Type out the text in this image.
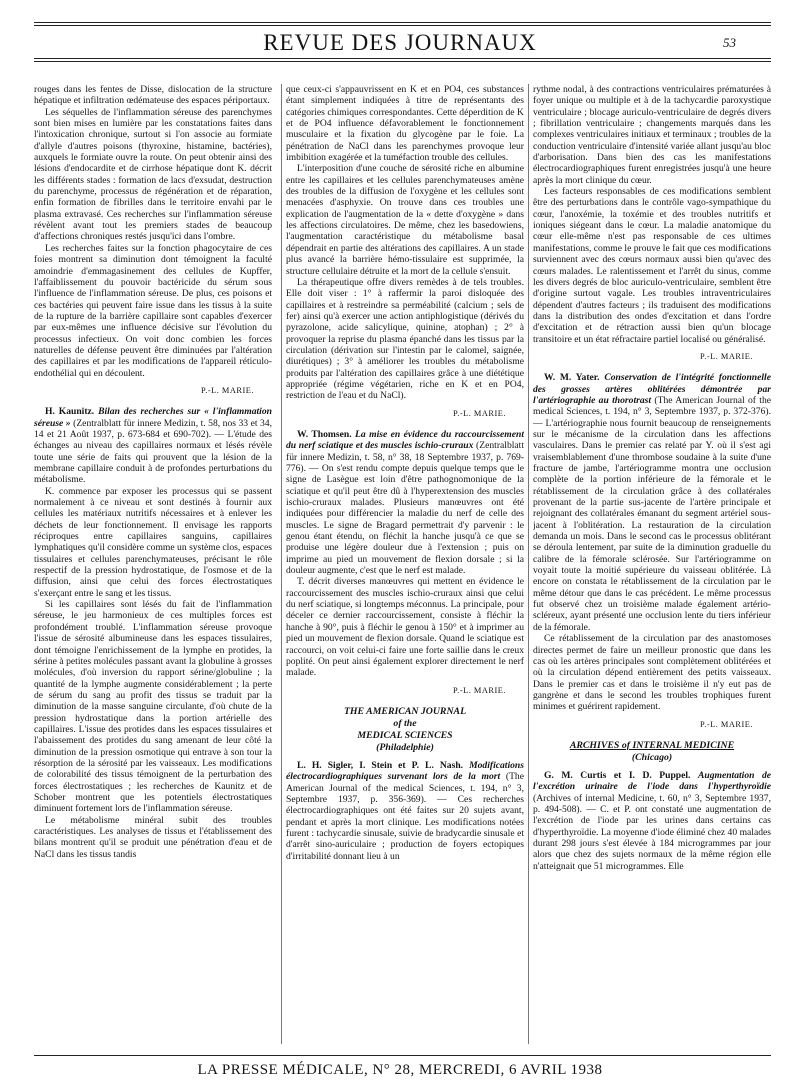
REVUE DES JOURNAUX	53

rouges dans les fentes de Disse, dislocation de la structure hépatique et infiltration œdémateuse des espaces périportaux.

Les séquelles de l'inflammation séreuse des parenchymes sont bien mises en lumière par les constatations faites dans l'intoxication chronique, surtout si l'on associe au formiate d'allyle d'autres poisons (thyroxine, histamine, bactéries), auxquels le formiate ouvre la route. On peut obtenir ainsi des lésions d'endocardite et de cirrhose hépatique dont K. décrit les différents stades : formation de lacs d'exsudat, destruction du parenchyme, processus de régénération et de réparation, enfin formation de fibrilles dans le territoire envahi par le plasma extravasé. Ces recherches sur l'inflammation séreuse révèlent avant tout les premiers stades de beaucoup d'affections chroniques restés jusqu'ici dans l'ombre.

Les recherches faites sur la fonction phagocytaire de ces foies montrent sa diminution dont témoignent la faculté amoindrie d'emmagasinement des cellules de Kupffer, l'affaiblissement du pouvoir bactéricide du sérum sous l'influence de l'inflammation séreuse. De plus, ces poisons et ces bactéries qui peuvent faire issue dans les tissus à la suite de la rupture de la barrière capillaire sont capables d'exercer par eux-mêmes une influence décisive sur l'évolution du processus infectieux. On voit donc combien les forces naturelles de défense peuvent être diminuées par l'altération des capillaires et par les modifications de l'appareil réticulo-endothélial qui en découlent.

P.-L. MARIE.

H. Kaunitz. Bilan des recherches sur « l'inflammation séreuse » (Zentralblatt für innere Medizin, t. 58, nos 33 et 34, 14 et 21 Août 1937, p. 673-684 et 690-702). — L'étude des échanges au niveau des capillaires normaux et lésés révèle toute une série de faits qui prouvent que la lésion de la membrane capillaire conduit à de profondes perturbations du métabolisme.

K. commence par exposer les processus qui se passent normalement à ce niveau et sont destinés à fournir aux cellules les matériaux nutritifs nécessaires et à enlever les déchets de leur fonctionnement. Il envisage les rapports réciproques entre capillaires sanguins, capillaires lymphatiques qu'il considère comme un système clos, espaces tissulaires et cellules parenchymateuses, précisant le rôle respectif de la pression hydrostatique, de l'osmose et de la diffusion, ainsi que celui des forces électrostatiques s'exerçant entre le sang et les tissus.

Si les capillaires sont lésés du fait de l'inflammation séreuse, le jeu harmonieux de ces multiples forces est profondément troublé. L'inflammation séreuse provoque l'issue de sérosité albumineuse dans les espaces tissulaires, dont témoigne l'enrichissement de la lymphe en protides, la sérine à petites molécules passant avant la globuline à grosses molécules, d'où inversion du rapport sérine/globuline ; la quantité de la lymphe augmente considérablement ; la perte de sérum du sang au profit des tissus se traduit par la diminution de la masse sanguine circulante, d'où chute de la pression hydrostatique dans la portion artérielle des capillaires. L'issue des protides dans les espaces tissulaires et l'abaissement des protides du sang amenant de leur côté la diminution de la pression osmotique qui entrave à son tour la résorption de la sérosité par les vaisseaux. Les modifications de colorabilité des tissus témoignent de la perturbation des forces électrostatiques ; les recherches de Kaunitz et de Schober montrent que les potentiels électrostatiques diminuent fortement lors de l'inflammation séreuse.

Le métabolisme minéral subit des troubles caractéristiques. Les analyses de tissus et l'établissement des bilans montrent qu'il se produit une pénétration d'eau et de NaCl dans les tissus tandis

que ceux-ci s'appauvrissent en K et en PO4, ces substances étant simplement indiquées à titre de représentants des catégories chimiques correspondantes. Cette déperdition de K et de PO4 influence défavorablement le fonctionnement musculaire et la fixation du glycogène par le foie. La pénétration de NaCl dans les parenchymes provoque leur imbibition exagérée et la tuméfaction trouble des cellules.

L'interposition d'une couche de sérosité riche en albumine entre les capillaires et les cellules parenchymateuses amène des troubles de la diffusion de l'oxygène et les cellules sont menacées d'asphyxie. On trouve dans ces troubles une explication de l'augmentation de la « dette d'oxygène » dans les affections circulatoires. De même, chez les basedowiens, l'augmentation caractéristique du métabolisme basal dépendrait en partie des altérations des capillaires. A un stade plus avancé la barrière hémo-tissulaire est supprimée, la structure cellulaire détruite et la mort de la cellule s'ensuit.

La thérapeutique offre divers remèdes à de tels troubles. Elle doit viser : 1° à raffermir la paroi disloquée des capillaires et à restreindre sa perméabilité (calcium ; sels de fer) ainsi qu'à exercer une action antiphlogistique (dérivés du pyrazolone, acide salicylique, quinine, atophan) ; 2° à provoquer la reprise du plasma épanché dans les tissus par la circulation (dérivation sur l'intestin par le calomel, saignée, diurétiques) ; 3° à améliorer les troubles du métabolisme produits par l'altération des capillaires grâce à une diététique appropriée (régime végétarien, riche en K et en PO4, restriction de l'eau et du NaCl).

P.-L. MARIE.

W. Thomsen. La mise en évidence du raccourcissement du nerf sciatique et des muscles ischio-cruraux (Zentralblatt für innere Medizin, t. 58, n° 38, 18 Septembre 1937, p. 769-776). — On s'est rendu compte depuis quelque temps que le signe de Lasègue est loin d'être pathognomonique de la sciatique et qu'il peut être dû à l'hyperextension des muscles ischio-cruraux malades. Plusieurs manœuvres ont été indiquées pour différencier la maladie du nerf de celle des muscles. Le signe de Bragard permettrait d'y parvenir : le genou étant étendu, on fléchit la hanche jusqu'à ce que se produise une légère douleur due à l'extension ; puis on imprime au pied un mouvement de flexion dorsale ; si la douleur augmente, c'est que le nerf est malade.

T. décrit diverses manœuvres qui mettent en évidence le raccourcissement des muscles ischio-cruraux ainsi que celui du nerf sciatique, si longtemps méconnus. La principale, pour déceler ce dernier raccourcissement, consiste à fléchir la hanche à 90°, puis à fléchir le genou à 150° et à imprimer au pied un mouvement de flexion dorsale. Quand le sciatique est raccourci, on voit celui-ci faire une forte saillie dans le creux poplité. On peut ainsi également explorer directement le nerf malade.

P.-L. MARIE.

THE AMERICAN JOURNAL
of the
MEDICAL SCIENCES
(Philadelphie)

L. H. Sigler, I. Stein et P. L. Nash. Modifications électrocardiographiques survenant lors de la mort (The American Journal of the medical Sciences, t. 194, n° 3, Septembre 1937, p. 356-369). — Ces recherches électrocardiographiques ont été faites sur 20 sujets avant, pendant et après la mort clinique. Les modifications notées furent : tachycardie sinusale, suivie de bradycardie sinusale et d'arrêt sino-auriculaire ; production de foyers ectopiques d'irritabilité donnant lieu à un

rythme nodal, à des contractions ventriculaires prématurées à foyer unique ou multiple et à de la tachycardie paroxystique ventriculaire ; blocage auriculo-ventriculaire de degrés divers ; fibrillation ventriculaire ; changements marqués dans les complexes ventriculaires initiaux et terminaux ; troubles de la conduction ventriculaire d'intensité variée allant jusqu'au bloc d'arborisation. Dans bien des cas les manifestations électrocardiographiques furent enregistrées jusqu'à une heure après la mort clinique du cœur.

Les facteurs responsables de ces modifications semblent être des perturbations dans le contrôle vago-sympathique du cœur, l'anoxémie, la toxémie et des troubles nutritifs et ioniques siégeant dans le cœur. La maladie anatomique du cœur elle-même n'est pas responsable de ces ultimes manifestations, comme le prouve le fait que ces modifications surviennent avec des cœurs normaux aussi bien qu'avec des cœurs malades. Le ralentissement et l'arrêt du sinus, comme les divers degrés de bloc auriculo-ventriculaire, semblent être d'origine surtout vagale. Les troubles intraventriculaires dépendent d'autres facteurs ; ils traduisent des modifications dans la distribution des ondes d'excitation et dans l'ordre d'excitation et de rétraction aussi bien qu'un blocage transitoire et un état réfractaire partiel localisé ou généralisé.

P.-L. MARIE.

W. M. Yater. Conservation de l'intégrité fonctionnelle des grosses artères oblitérées démontrée par l'artériographie au thorotrast (The American Journal of the medical Sciences, t. 194, n° 3, Septembre 1937, p. 372-376). — L'artériographie nous fournit beaucoup de renseignements sur le mécanisme de la circulation dans les affections vasculaires. Dans le premier cas relaté par Y. où il s'est agi vraisemblablement d'une thrombose soudaine à la suite d'une fracture de jambe, l'artériogramme montra une occlusion complète de la portion inférieure de la fémorale et le rétablissement de la circulation grâce à des collatérales provenant de la partie sus-jacente de l'artère principale et rejoignant des collatérales émanant du segment artériel sous-jacent à l'oblitération. La restauration de la circulation demanda un mois. Dans le second cas le processus oblitérant se déroula lentement, par suite de la diminution graduelle du calibre de la fémorale sclérosée. Sur l'artériogramme on voyait toute la moitié supérieure du vaisseau oblitérée. Là encore on constata le rétablissement de la circulation par le même détour que dans le cas précédent. Le même processus fut observé chez un troisième malade également artério-scléreux, ayant présenté une occlusion lente du tiers inférieur de la fémorale.

Ce rétablissement de la circulation par des anastomoses directes permet de faire un meilleur pronostic que dans les cas où les artères principales sont complètement oblitérées et où la circulation dépend entièrement des petits vaisseaux. Dans le premier cas et dans le troisième il n'y eut pas de gangrène et dans le second les troubles trophiques furent minimes et guérirent rapidement.

P.-L. MARIE.

ARCHIVES of INTERNAL MEDICINE
(Chicago)

G. M. Curtis et I. D. Puppel. Augmentation de l'excrétion urinaire de l'iode dans l'hyperthyroïdie (Archives of internal Medicine, t. 60, n° 3, Septembre 1937, p. 494-508). — C. et P. ont constaté une augmentation de l'excrétion de l'iode par les urines dans certains cas d'hyperthyroïdie. La moyenne d'iode éliminé chez 40 malades durant 298 jours s'est élevée à 184 microgrammes par jour alors que chez des sujets normaux de la même région elle n'atteignait que 51 microgrammes. Elle

LA PRESSE MÉDICALE, N° 28, MERCREDI, 6 AVRIL 1938
